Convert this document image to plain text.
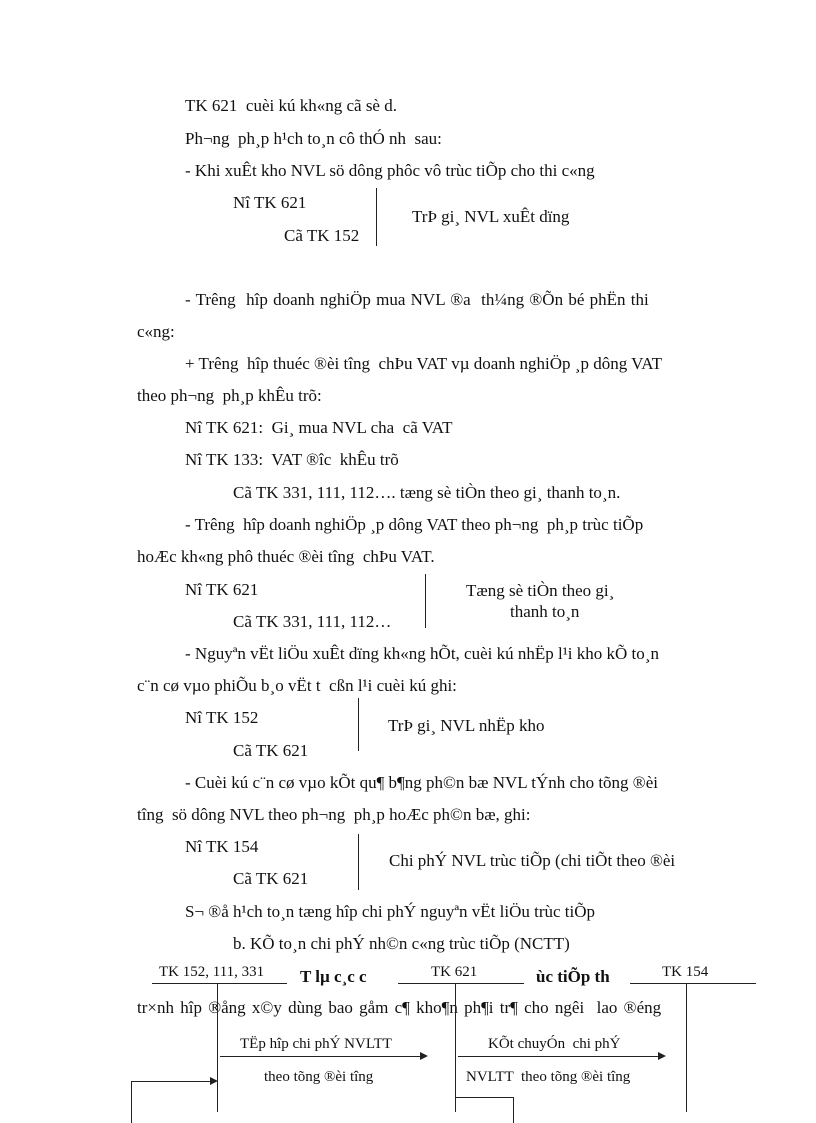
TK 621  cuèi kú kh«ng cã sè d.
Ph¬ng  ph¸p h¹ch to¸n cô thÓ nh  sau:
- Khi xuÊt kho NVL sö dông phôc vô trùc tiÕp cho thi c«ng
Nî TK 621
Cã TK 152
TrÞ gi¸ NVL xuÊt dïng
- Trêng  hîp doanh nghiÖp mua NVL ®a  th¼ng ®Õn bé phËn thi
c«ng:
+ Trêng  hîp thuéc ®èi tîng  chÞu VAT vµ doanh nghiÖp ¸p dông VAT
theo ph¬ng  ph¸p khÊu trõ:
Nî TK 621:  Gi¸ mua NVL cha  cã VAT
Nî TK 133:  VAT ®îc  khÊu trõ
Cã TK 331, 111, 112…. tæng sè tiÒn theo gi¸ thanh to¸n.
- Trêng  hîp doanh nghiÖp ¸p dông VAT theo ph¬ng  ph¸p trùc tiÕp
hoÆc kh«ng phô thuéc ®èi tîng  chÞu VAT.
Nî TK 621
Cã TK 331, 111, 112…
Tæng sè tiÒn theo gi¸
thanh to¸n
- Nguyªn vËt liÖu xuÊt dïng kh«ng hÕt, cuèi kú nhËp l¹i kho kÕ to¸n
c¨n cø vµo phiÕu b¸o vËt t  cßn l¹i cuèi kú ghi:
Nî TK 152
Cã TK 621
TrÞ gi¸ NVL nhËp kho
- Cuèi kú c¨n cø vµo kÕt qu¶ b¶ng ph©n bæ NVL tÝnh cho tõng ®èi
tîng  sö dông NVL theo ph¬ng  ph¸p hoÆc ph©n bæ, ghi:
Nî TK 154
Cã TK 621
Chi phÝ NVL trùc tiÕp (chi tiÕt theo ®èi
S¬ ®å h¹ch to¸n tæng hîp chi phÝ nguyªn vËt liÖu trùc tiÕp
b. KÕ to¸n chi phÝ nh©n c«ng trùc tiÕp (NCTT)
TK 152, 111, 331 T lµ c¸c c	TK 621	ùc tiÕp th	TK 154
tr×nh hîp ®ång x©y dùng bao gåm c¶ kho¶n ph¶i tr¶ cho ngêi  lao ®éng
TËp hîp chi phÝ NVLTT
theo tõng ®èi tîng
KÕt chuyÓn  chi phÝ
NVLTT  theo tõng ®èi tîng
